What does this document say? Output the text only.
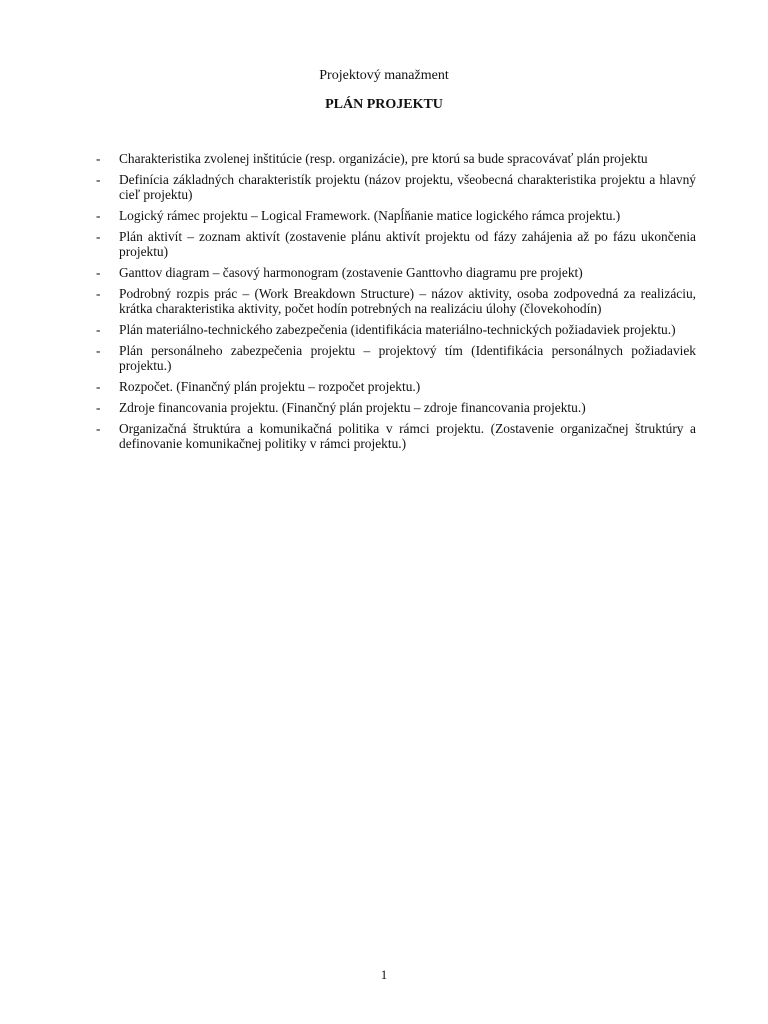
Projektový manažment
PLÁN PROJEKTU
- Charakteristika zvolenej inštitúcie (resp. organizácie), pre ktorú sa bude spracovávať plán projektu
- Definícia základných charakteristík projektu (názov projektu, všeobecná charakteristika projektu a hlavný cieľ projektu)
- Logický rámec projektu – Logical Framework. (Napĺňanie matice logického rámca projektu.)
- Plán aktivít – zoznam aktivít (zostavenie plánu aktivít projektu od fázy zahájenia až po fázu ukončenia projektu)
- Ganttov diagram – časový harmonogram (zostavenie Ganttovho diagramu pre projekt)
- Podrobný rozpis prác – (Work Breakdown Structure) – názov aktivity, osoba zodpovedná za realizáciu, krátka charakteristika aktivity, počet hodín potrebných na realizáciu úlohy (človekohodín)
- Plán materiálno-technického zabezpečenia (identifikácia materiálno-technických požiadaviek projektu.)
- Plán personálneho zabezpečenia projektu – projektový tím (Identifikácia personálnych požiadaviek projektu.)
- Rozpočet. (Finančný plán projektu – rozpočet projektu.)
- Zdroje financovania projektu. (Finančný plán projektu – zdroje financovania projektu.)
- Organizačná štruktúra a komunikačná politika v rámci projektu. (Zostavenie organizačnej štruktúry a definovanie komunikačnej politiky v rámci projektu.)
1
